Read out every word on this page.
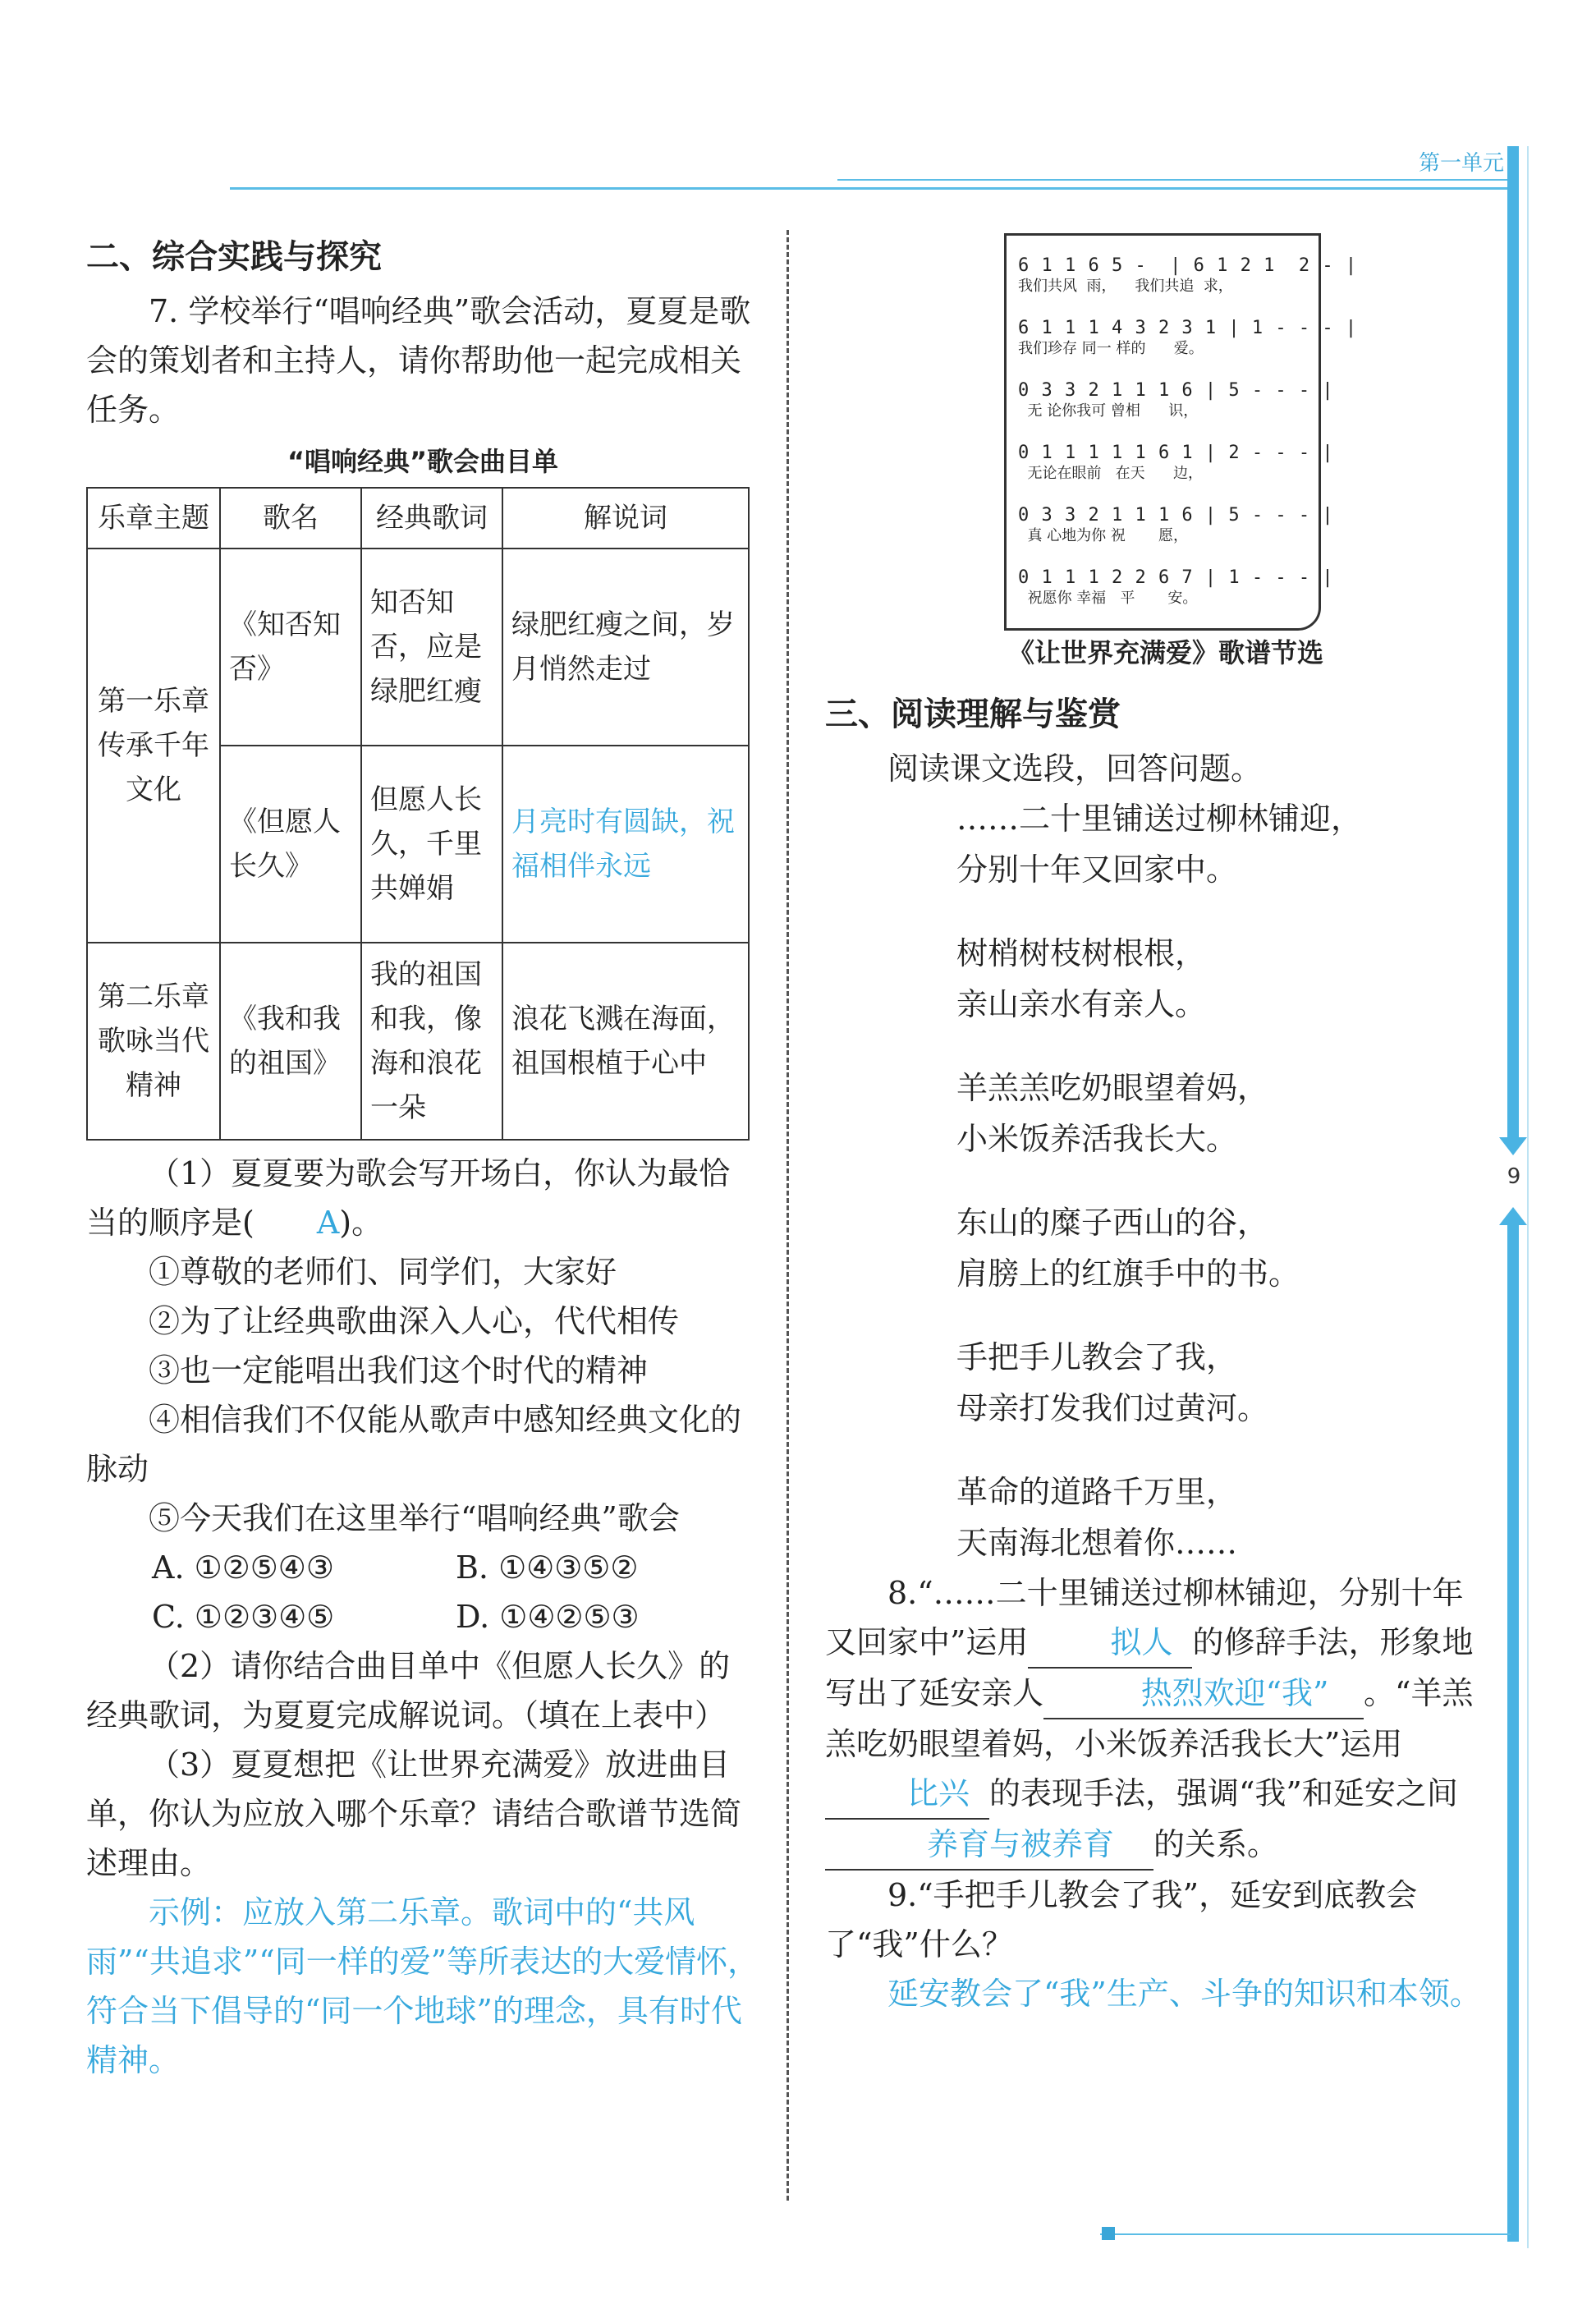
第一单元
9
二、综合实践与探究

7. 学校举行“唱响经典”歌会活动，夏夏是歌会的策划者和主持人，请你帮助他一起完成相关任务。

“唱响经典”歌会曲目单
乐章主题	歌名	经典歌词	解说词
第一乐章传承千年文化	《知否知否》	知否知否，应是绿肥红瘦	绿肥红瘦之间，岁月悄然走过
	《但愿人长久》	但愿人长久，千里共婵娟	月亮时有圆缺，祝福相伴永远
第二乐章歌咏当代精神	《我和我的祖国》	我的祖国和我，像海和浪花一朵	浪花飞溅在海面，祖国根植于心中

（1）夏夏要为歌会写开场白，你认为最恰当的顺序是( A)。

①尊敬的老师们、同学们，大家好

②为了让经典歌曲深入人心，代代相传

③也一定能唱出我们这个时代的精神

④相信我们不仅能从歌声中感知经典文化的脉动

⑤今天我们在这里举行“唱响经典”歌会

A. ①②⑤④③	B. ①④③⑤②
C. ①②③④⑤	D. ①④②⑤③

（2）请你结合曲目单中《但愿人长久》的经典歌词，为夏夏完成解说词。（填在上表中）

（3）夏夏想把《让世界充满爱》放进曲目单，你认为应放入哪个乐章？请结合歌谱节选简述理由。

示例：应放入第二乐章。歌词中的“共风雨”“共追求”“同一样的爱”等所表达的大爱情怀，符合当下倡导的“同一个地球”的理念，具有时代精神。

6 1 1 6 5 -  | 6 1 2 1  2 - |
我们共风  雨，    我们共追  求，
6 1 1 1 4 3 2 3 1 | 1 - - - |
我们珍存 同一 样的      爱。
0 3 3 2 1 1 1 6 | 5 - - - |
无 论你我可 曾相      识，
0 1 1 1 1 1 6 1 | 2 - - - |
无论在眼前   在天      边，
0 3 3 2 1 1 1 6 | 5 - - - |
真 心地为你 祝       愿，
0 1 1 1 2 2 6 7 | 1 - - - |
祝愿你 幸福   平       安。
《让世界充满爱》歌谱节选
三、阅读理解与鉴赏

阅读课文选段，回答问题。

……二十里铺送过柳林铺迎，

分别十年又回家中。

树梢树枝树根根，

亲山亲水有亲人。

羊羔羔吃奶眼望着妈，

小米饭养活我长大。

东山的糜子西山的谷，

肩膀上的红旗手中的书。

手把手儿教会了我，

母亲打发我们过黄河。

革命的道路千万里，

天南海北想着你……

8.“……二十里铺送过柳林铺迎，分别十年又回家中”运用	拟人 的修辞手法，形象地写出了延安亲人	热烈欢迎“我” 。“羊羔羔吃奶眼望着妈，小米饭养活我长大”运用比兴 的表现手法，强调“我”和延安之间养育与被养育 的关系。

9.“手把手儿教会了我”，延安到底教会了“我”什么？

延安教会了“我”生产、斗争的知识和本领。
